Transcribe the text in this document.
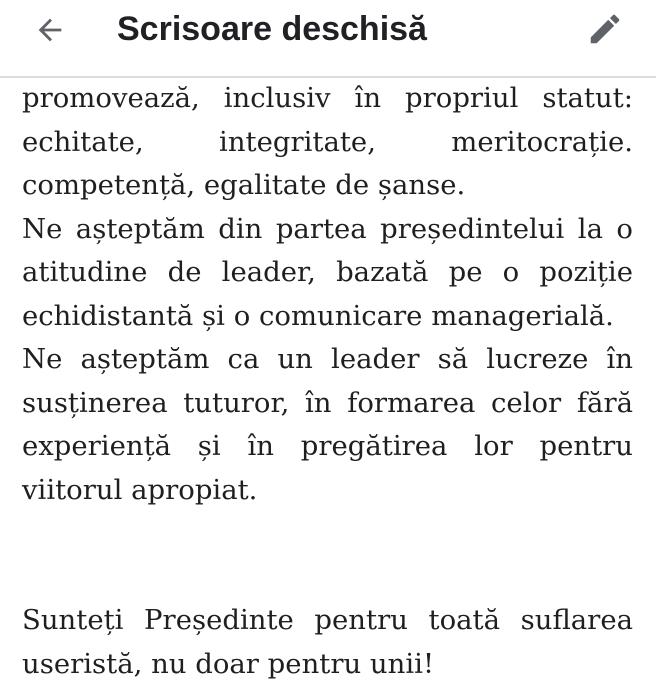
Scrisoare deschisă

promovează, inclusiv în propriul statut:

echitate, integritate, meritocrație.

competență, egalitate de șanse.

Ne așteptăm din partea președintelui la o atitudine de leader, bazată pe o poziție echidistantă și o comunicare managerială.

Ne așteptăm ca un leader să lucreze în susținerea tuturor, în formarea celor fără experiență și în pregătirea lor pentru viitorul apropiat.

Sunteți Președinte pentru toată suflarea useristă, nu doar pentru unii!
